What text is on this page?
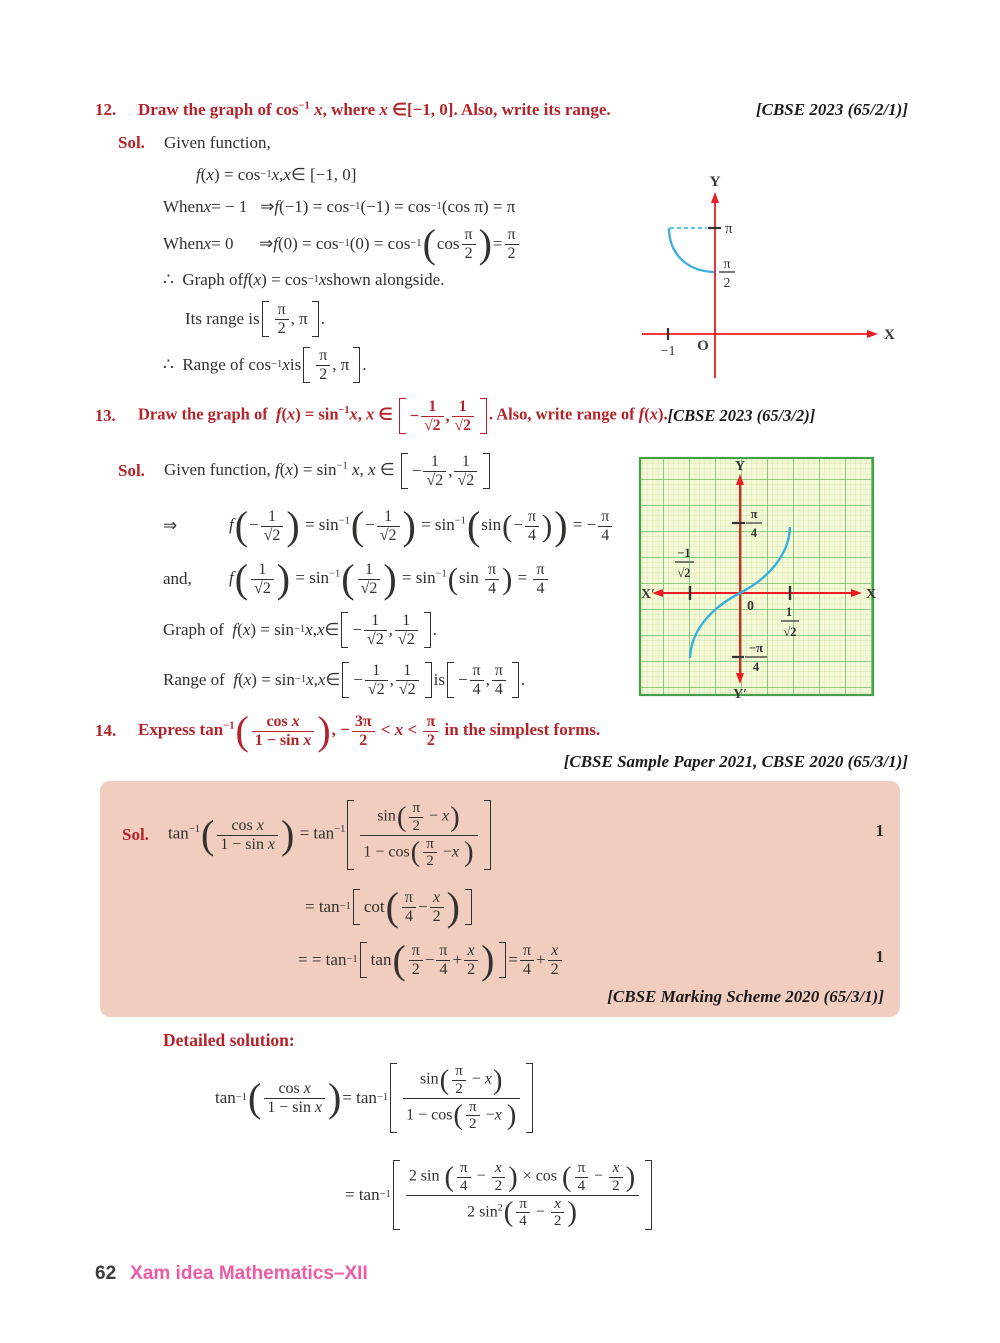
12.	Draw the graph of $\cos^{-1} x$, where x ∈[−1, 0]. Also, write its range.	[CBSE 2023 (65/2/1)]
Sol.	Given function,
f ( x ) = cos −1 x , x ∈ [−1, 0]
When x = − 1   ⇒ f (−1) = cos −1 (−1) = cos −1 (cos π) = π
When x = 0      ⇒ f (0) = cos −1 (0) = cos −1 ( cos π
2 ) = π
2
∴  Graph of f ( x ) = cos −1 x shown alongside.
Its range is π
2 , π .
∴  Range of cos −1 x is π
2 , π .
Y
X
π
π
2
−1 O
13.	Draw the graph of  $f(x) = \sin^{-1}x$, x ∈
− 1
√2 , 1
√2
. Also, write range of f(x). [CBSE 2023 (65/3/2)]
Sol.	Given function, $f(x) = \sin^{-1} x$, x ∈
− 1
√2 , 1
√2
⇒	$f(- \frac{1}{√2}$ ) = $\sin^{-1}(- \frac{1}{√2}$ ) = $\sin^{-1}(\sin(- \frac{\pi}{4}$ )) = − $\frac{\pi}{4}$
and,	$f( \frac{1}{√2}$ ) = $\sin^{-1}( \frac{1}{√2}$ ) = $\sin^{-1}(\sin \frac{\pi}{4}$ ) = $\frac{\pi}{4}$
Graph of f ( x ) = sin −1 x , x ∈ − 1
√2 , 1
√2 .
Range of f ( x ) = sin −1 x , x ∈ − 1
√2 , 1
√2 is − π
4 , π
4 .
Y
Y′
X′	X
0
π
4
−π
4
−1
√2
1
√2
14.	Express $\tan^{-1}( \frac{\text{cos x}}{\text{1 − sin x}}$ ), − $\frac{3\pi}{2} < x < \frac{\pi}{2}$ in the simplest forms.
[CBSE Sample Paper 2021, CBSE 2020 (65/3/1)]
Sol.	$\tan^{-1}( \frac{\text{cos x}}{\text{1 − sin x}}$ ) = $\tan^{-1}$
$\sin( \frac{\pi}{2} - x)$
$1 - \cos( \frac{\pi}{2} -x$ )
1
= tan −1 cot ( π
4 − x
2 )
= = tan −1 tan ( π
2 − π
4 + x
2 ) = π
4 + x
2
1
[CBSE Marking Scheme 2020 (65/3/1)]
Detailed solution:
tan −1 (	cos x
1 − sin x ) = tan −1
$\sin( \frac{\pi}{2} - x)$
$1 - \cos( \frac{\pi}{2} -x$ )
= tan −1
2 sin ( $\frac{\pi}{4} - \frac{x}{2}$ ) × cos ( $\frac{\pi}{4} - \frac{x}{2}$ )
2 $\sin^2( \frac{\pi}{4} - \frac{x}{2}$ )
62 Xam idea Mathematics–XII
